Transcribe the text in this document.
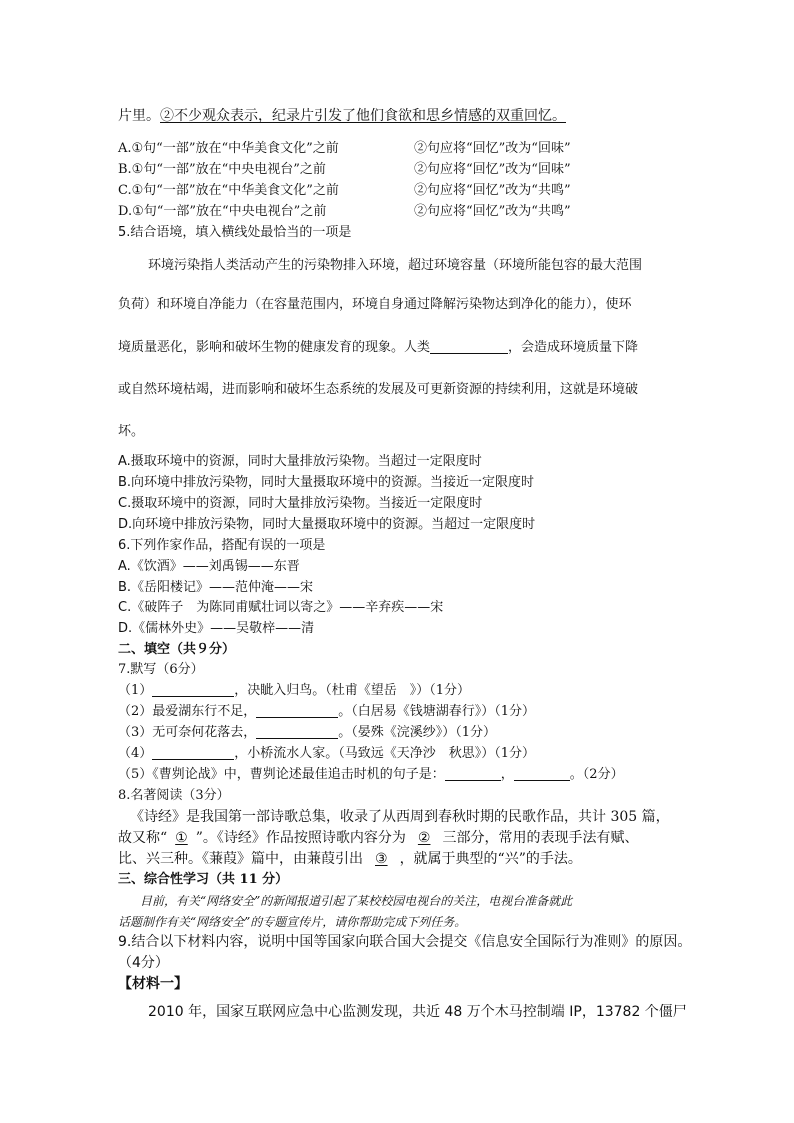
片里。②不少观众表示，纪录片引发了他们食欲和思乡情感的双重回忆。
A.①句“一部”放在“中华美食文化”之前	②句应将“回忆”改为“回味”
B.①句“一部”放在“中央电视台”之前	②句应将“回忆”改为“回味”
C.①句“一部”放在“中华美食文化”之前	②句应将“回忆”改为“共鸣”
D.①句“一部”放在“中央电视台”之前	②句应将“回忆”改为“共鸣”
5.结合语境，填入横线处最恰当的一项是
环境污染指人类活动产生的污染物排入环境，超过环境容量（环境所能包容的最大范围
负荷）和环境自净能力（在容量范围内，环境自身通过降解污染物达到净化的能力），使环
境质量恶化，影响和破坏生物的健康发育的现象。人类	，会造成环境质量下降
或自然环境枯竭，进而影响和破坏生态系统的发展及可更新资源的持续利用，这就是环境破
坏。
A.摄取环境中的资源，同时大量排放污染物。当超过一定限度时
B.向环境中排放污染物，同时大量摄取环境中的资源。当接近一定限度时
C.摄取环境中的资源，同时大量排放污染物。当接近一定限度时
D.向环境中排放污染物，同时大量摄取环境中的资源。当超过一定限度时
6.下列作家作品，搭配有误的一项是
A.《饮酒》——刘禹锡——东晋
B.《岳阳楼记》——范仲淹——宋
C.《破阵子　为陈同甫赋壮词以寄之》——辛弃疾——宋
D.《儒林外史》——吴敬梓——清
二、填空（共９分）
7.默写（6分）
（1）	，决眦入归鸟。（杜甫《望岳　》）（1分）
（2）最爱湖东行不足，	。（白居易《钱塘湖春行》）（1分）
（3）无可奈何花落去，	。（晏殊《浣溪纱》）（1分）
（4）	，小桥流水人家。（马致远《天净沙　秋思》）（1分）
（5）《曹刿论战》中，曹刿论述最佳追击时机的句子是：	，	。（2分）
8.名著阅读（3分）
《诗经》是我国第一部诗歌总集，收录了从西周到春秋时期的民歌作品，共计 305 篇，
故又称“ ① ”。《诗经》作品按照诗歌内容分为 ② 三部分，常用的表现手法有赋、
比、兴三种。《蒹葭》篇中，由蒹葭引出 ③ ，就属于典型的“兴”的手法。
三、综合性学习（共 11 分）
目前，有关“网络安全”的新闻报道引起了某校校园电视台的关注，电视台准备就此
话题制作有关“网络安全”的专题宣传片，请你帮助完成下列任务。
9.结合以下材料内容，说明中国等国家向联合国大会提交《信息安全国际行为准则》的原因。
（4分）
【材料一】
2010 年，国家互联网应急中心监测发现，共近 48 万个木马控制端 IP，13782 个僵尸
